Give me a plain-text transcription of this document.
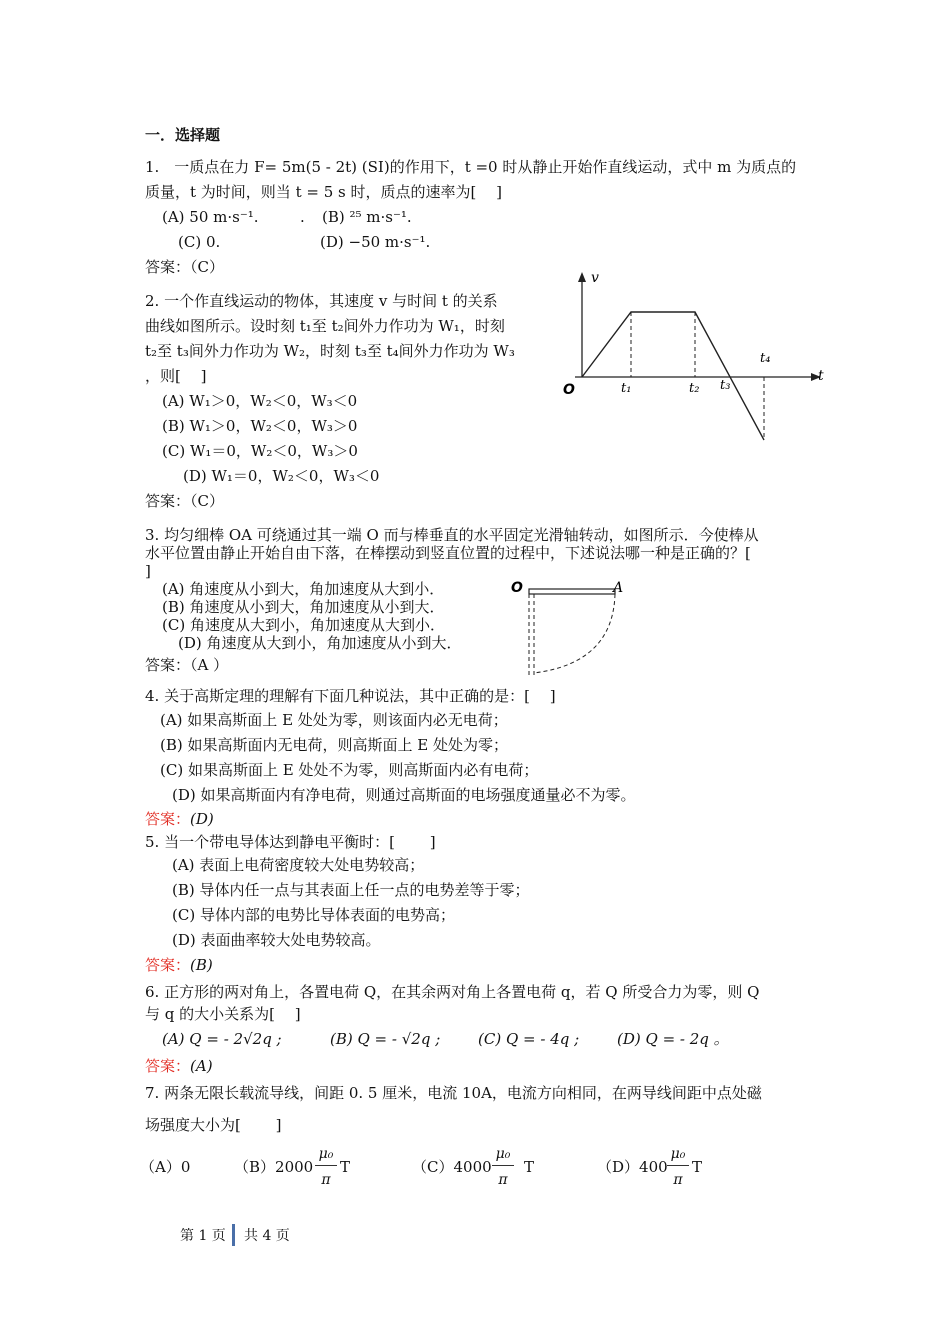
一．选择题
1.　一质点在力 F= 5m(5 - 2t) (SI)的作用下，t =0 时从静止开始作直线运动，式中 m 为质点的
质量，t 为时间，则当 t = 5 s 时，质点的速率为[　 ]
(A) 50 m·s⁻¹.	. (B) ²⁵ m·s⁻¹.
(C) 0.	(D) −50 m·s⁻¹.
答案：（C）
2. 一个作直线运动的物体，其速度 v 与时间 t 的关系
曲线如图所示。设时刻 t₁至 t₂间外力作功为 W₁，时刻
t₂至 t₃间外力作功为 W₂，时刻 t₃至 t₄间外力作功为 W₃
，则[　 ]
(A) W₁＞0，W₂＜0，W₃＜0
(B) W₁＞0，W₂＜0，W₃＞0
(C) W₁＝0，W₂＜0，W₃＞0
(D) W₁＝0，W₂＜0，W₃＜0
答案：（C）
v
t
O	t₁	t₂ t₃
t₄
3. 均匀细棒 OA 可绕通过其一端 O 而与棒垂直的水平固定光滑轴转动，如图所示．今使棒从
水平位置由静止开始自由下落，在棒摆动到竖直位置的过程中，下述说法哪一种是正确的？[
]
(A) 角速度从小到大，角加速度从大到小．
(B) 角速度从小到大，角加速度从小到大．
(C) 角速度从大到小，角加速度从大到小．
(D) 角速度从大到小，角加速度从小到大．
答案：（A ）
O	A
4. 关于高斯定理的理解有下面几种说法，其中正确的是：[　 ]
(A) 如果高斯面上 E 处处为零，则该面内必无电荷；
(B) 如果高斯面内无电荷，则高斯面上 E 处处为零；
(C) 如果高斯面上 E 处处不为零，则高斯面内必有电荷；
(D) 如果高斯面内有净电荷，则通过高斯面的电场强度通量必不为零。
答案：(D)
5. 当一个带电导体达到静电平衡时：[　　 ]
(A) 表面上电荷密度较大处电势较高；
(B) 导体内任一点与其表面上任一点的电势差等于零；
(C) 导体内部的电势比导体表面的电势高；
(D) 表面曲率较大处电势较高。
答案：(B)
6. 正方形的两对角上，各置电荷 Q，在其余两对角上各置电荷 q，若 Q 所受合力为零，则 Q
与 q 的大小关系为[　 ]
(A) Q = - 2√2q ;	(B) Q = - √2q ;	(C) Q = - 4q ;	(D) Q = - 2q 。
答案：(A)
7. 两条无限长载流导线，间距 0. 5 厘米，电流 10A，电流方向相同，在两导线间距中点处磁
场强度大小为[　　 ]
（A）0	（B）2000
μ₀
π
T	（C）4000
μ₀
π
T	（D）400
μ₀
π
T
第 1 页 共 4 页
